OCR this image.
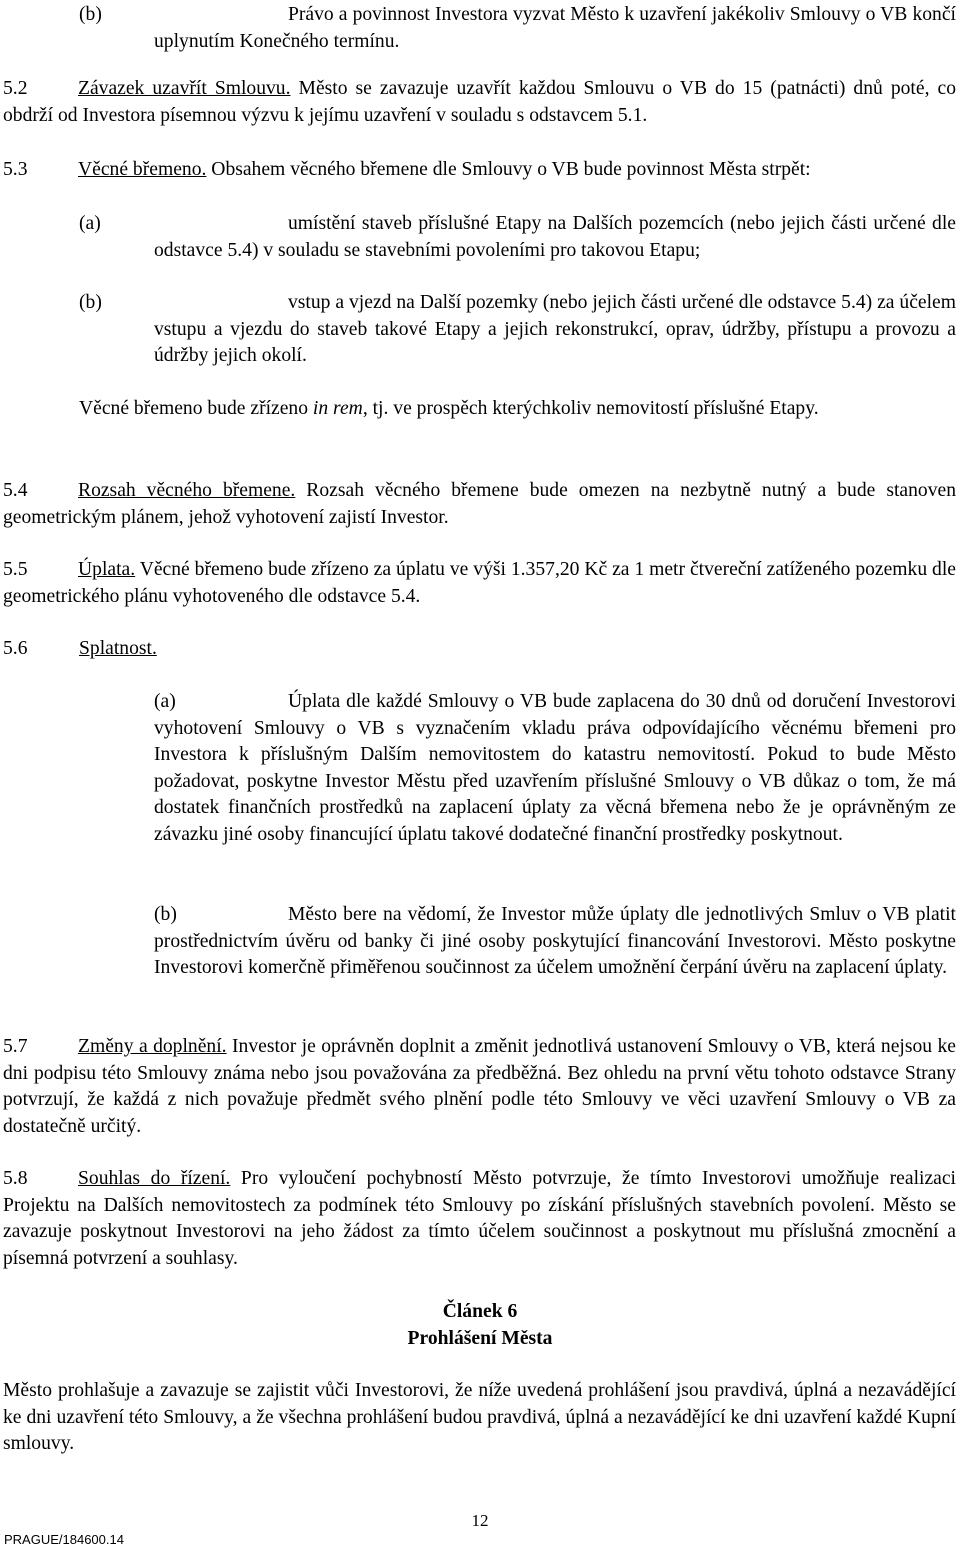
(b)	Právo a povinnost Investora vyzvat Město k uzavření jakékoliv Smlouvy o VB končí uplynutím Konečného termínu.
5.2	Závazek uzavřít Smlouvu. Město se zavazuje uzavřít každou Smlouvu o VB do 15 (patnácti) dnů poté, co obdrží od Investora písemnou výzvu k jejímu uzavření v souladu s odstavcem 5.1.
5.3	Věcné břemeno. Obsahem věcného břemene dle Smlouvy o VB bude povinnost Města strpět:
(a)	umístění staveb příslušné Etapy na Dalších pozemcích (nebo jejich části určené dle odstavce 5.4) v souladu se stavebními povoleními pro takovou Etapu;
(b)	vstup a vjezd na Další pozemky (nebo jejich části určené dle odstavce 5.4) za účelem vstupu a vjezdu do staveb takové Etapy a jejich rekonstrukcí, oprav, údržby, přístupu a provozu a údržby jejich okolí.
Věcné břemeno bude zřízeno in rem, tj. ve prospěch kterýchkoliv nemovitostí příslušné Etapy.
5.4	Rozsah věcného břemene. Rozsah věcného břemene bude omezen na nezbytně nutný a bude stanoven geometrickým plánem, jehož vyhotovení zajistí Investor.
5.5	Úplata. Věcné břemeno bude zřízeno za úplatu ve výši 1.357,20 Kč za 1 metr čtvereční zatíženého pozemku dle geometrického plánu vyhotoveného dle odstavce 5.4.
5.6	Splatnost.
(a)	Úplata dle každé Smlouvy o VB bude zaplacena do 30 dnů od doručení Investorovi vyhotovení Smlouvy o VB s vyznačením vkladu práva odpovídajícího věcnému břemeni pro Investora k příslušným Dalším nemovitostem do katastru nemovitostí. Pokud to bude Město požadovat, poskytne Investor Městu před uzavřením příslušné Smlouvy o VB důkaz o tom, že má dostatek finančních prostředků na zaplacení úplaty za věcná břemena nebo že je oprávněným ze závazku jiné osoby financující úplatu takové dodatečné finanční prostředky poskytnout.
(b)	Město bere na vědomí, že Investor může úplaty dle jednotlivých Smluv o VB platit prostřednictvím úvěru od banky či jiné osoby poskytující financování Investorovi. Město poskytne Investorovi komerčně přiměřenou součinnost za účelem umožnění čerpání úvěru na zaplacení úplaty.
5.7	Změny a doplnění. Investor je oprávněn doplnit a změnit jednotlivá ustanovení Smlouvy o VB, která nejsou ke dni podpisu této Smlouvy známa nebo jsou považována za předběžná. Bez ohledu na první větu tohoto odstavce Strany potvrzují, že každá z nich považuje předmět svého plnění podle této Smlouvy ve věci uzavření Smlouvy o VB za dostatečně určitý.
5.8	Souhlas do řízení. Pro vyloučení pochybností Město potvrzuje, že tímto Investorovi umožňuje realizaci Projektu na Dalších nemovitostech za podmínek této Smlouvy po získání příslušných stavebních povolení. Město se zavazuje poskytnout Investorovi na jeho žádost za tímto účelem součinnost a poskytnout mu příslušná zmocnění a písemná potvrzení a souhlasy.
Článek 6
Prohlášení Města
Město prohlašuje a zavazuje se zajistit vůči Investorovi, že níže uvedená prohlášení jsou pravdivá, úplná a nezavádějící ke dni uzavření této Smlouvy, a že všechna prohlášení budou pravdivá, úplná a nezavádějící ke dni uzavření každé Kupní smlouvy.
12
PRAGUE/184600.14
